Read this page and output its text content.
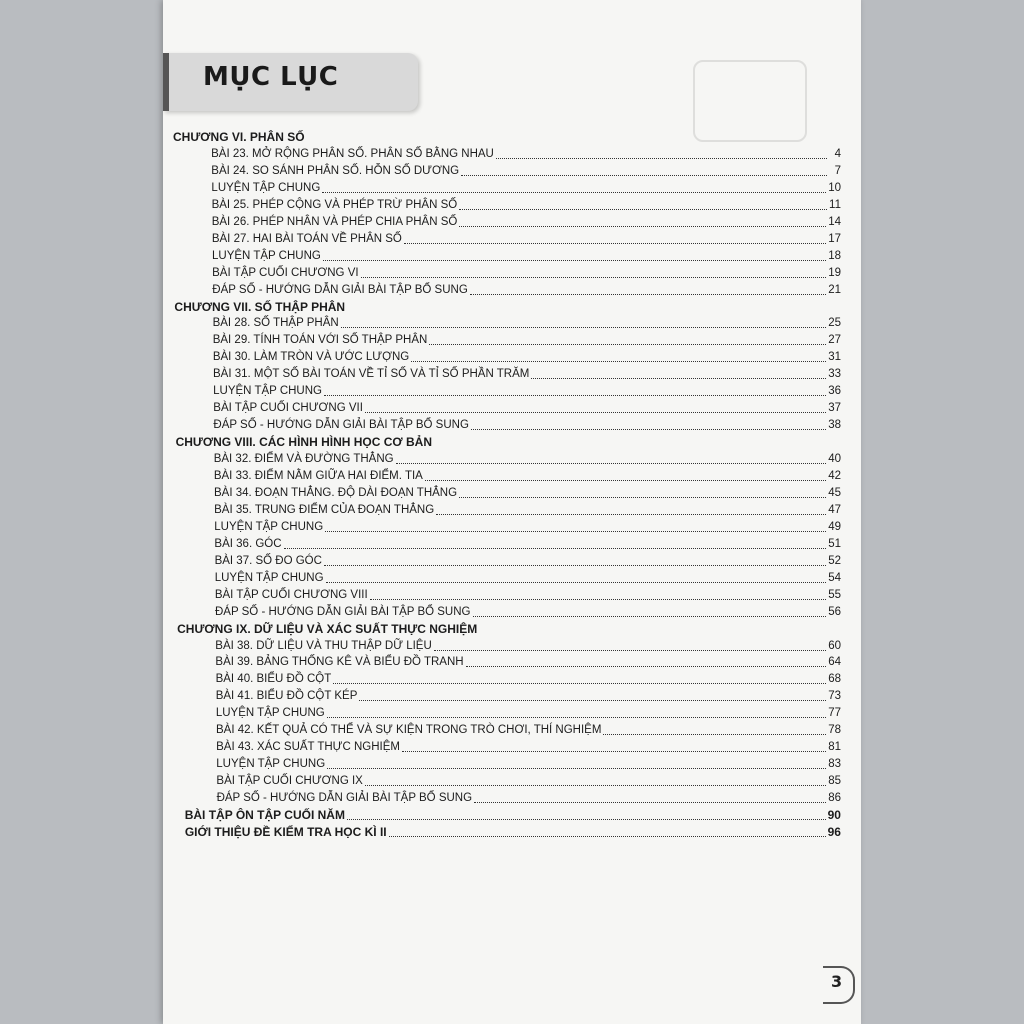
MỤC LỤC
CHƯƠNG VI. PHÂN SỐ
BÀI 23. MỞ RỘNG PHÂN SỐ. PHÂN SỐ BẰNG NHAU	4
BÀI 24. SO SÁNH PHÂN SỐ. HỖN SỐ DƯƠNG	7
LUYỆN TẬP CHUNG	10
BÀI 25. PHÉP CỘNG VÀ PHÉP TRỪ PHÂN SỐ	11
BÀI 26. PHÉP NHÂN VÀ PHÉP CHIA PHÂN SỐ	14
BÀI 27. HAI BÀI TOÁN VỀ PHÂN SỐ	17
LUYỆN TẬP CHUNG	18
BÀI TẬP CUỐI CHƯƠNG VI	19
ĐÁP SỐ - HƯỚNG DẪN GIẢI BÀI TẬP BỔ SUNG	21
CHƯƠNG VII. SỐ THẬP PHÂN
BÀI 28. SỐ THẬP PHÂN	25
BÀI 29. TÍNH TOÁN VỚI SỐ THẬP PHÂN	27
BÀI 30. LÀM TRÒN VÀ ƯỚC LƯỢNG	31
BÀI 31. MỘT SỐ BÀI TOÁN VỀ TỈ SỐ VÀ TỈ SỐ PHẦN TRĂM	33
LUYỆN TẬP CHUNG	36
BÀI TẬP CUỐI CHƯƠNG VII	37
ĐÁP SỐ - HƯỚNG DẪN GIẢI BÀI TẬP BỔ SUNG	38
CHƯƠNG VIII. CÁC HÌNH HÌNH HỌC CƠ BẢN
BÀI 32. ĐIỂM VÀ ĐƯỜNG THẲNG	40
BÀI 33. ĐIỂM NẰM GIỮA HAI ĐIỂM. TIA	42
BÀI 34. ĐOẠN THẲNG. ĐỘ DÀI ĐOẠN THẲNG	45
BÀI 35. TRUNG ĐIỂM CỦA ĐOẠN THẲNG	47
LUYỆN TẬP CHUNG	49
BÀI 36. GÓC	51
BÀI 37. SỐ ĐO GÓC	52
LUYỆN TẬP CHUNG	54
BÀI TẬP CUỐI CHƯƠNG VIII	55
ĐÁP SỐ - HƯỚNG DẪN GIẢI BÀI TẬP BỔ SUNG	56
CHƯƠNG IX. DỮ LIỆU VÀ XÁC SUẤT THỰC NGHIỆM
BÀI 38. DỮ LIỆU VÀ THU THẬP DỮ LIỆU	60
BÀI 39. BẢNG THỐNG KÊ VÀ BIỂU ĐỒ TRANH	64
BÀI 40. BIỂU ĐỒ CỘT	68
BÀI 41. BIỂU ĐỒ CỘT KÉP	73
LUYỆN TẬP CHUNG	77
BÀI 42. KẾT QUẢ CÓ THỂ VÀ SỰ KIỆN TRONG TRÒ CHƠI, THÍ NGHIỆM	78
BÀI 43. XÁC SUẤT THỰC NGHIỆM	81
LUYỆN TẬP CHUNG	83
BÀI TẬP CUỐI CHƯƠNG IX	85
ĐÁP SỐ - HƯỚNG DẪN GIẢI BÀI TẬP BỔ SUNG	86
BÀI TẬP ÔN TẬP CUỐI NĂM	90
GIỚI THIỆU ĐỀ KIỂM TRA HỌC KÌ II	96
3
